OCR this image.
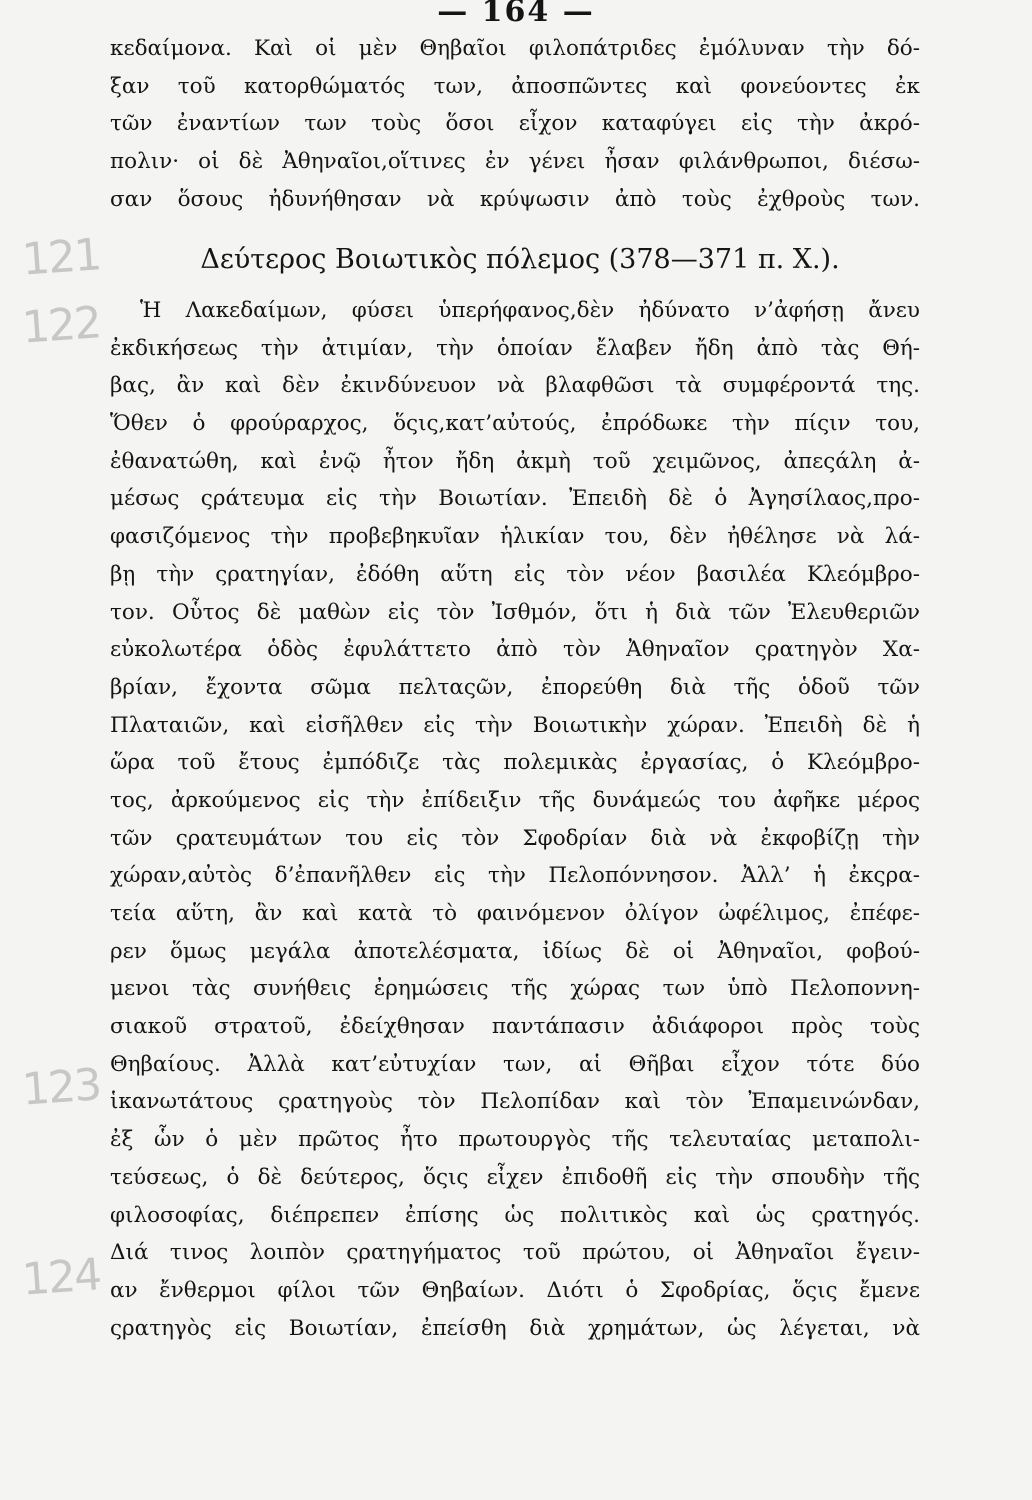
— 164 —
121
122
123
124
κεδαίμονα. Καὶ οἱ μὲν Θηβαῖοι φιλοπάτριδες ἐμόλυναν τὴν δό-
ξαν τοῦ κατορθώματός των, ἀποσπῶντες καὶ φονεύοντες ἐκ
τῶν ἐναντίων των τοὺς ὅσοι εἶχον καταφύγει εἰς τὴν ἀκρό-
πολιν· οἱ δὲ Ἀθηναῖοι,οἵτινες ἐν γένει ἦσαν φιλάνθρωποι, διέσω-
σαν ὅσους ἠδυνήθησαν νὰ κρύψωσιν ἀπὸ τοὺς ἐχθροὺς των.
Δεύτερος Βοιωτικὸς πόλεμος (378—371 π. Χ.).
Ἡ Λακεδαίμων, φύσει ὑπερήφανος,δὲν ἠδύνατο ν’ἀφήσῃ ἄνευ
ἐκδικήσεως τὴν ἀτιμίαν, τὴν ὁποίαν ἔλαβεν ἤδη ἀπὸ τὰς Θή-
βας, ἂν καὶ δὲν ἐκινδύνευον νὰ βλαφθῶσι τὰ συμφέροντά της.
Ὅθεν ὁ φρούραρχος, ὅςις,κατ’αὐτούς, ἐπρόδωκε τὴν πίςιν του,
ἐθανατώθη, καὶ ἐνῷ ἦτον ἤδη ἀκμὴ τοῦ χειμῶνος, ἀπεςάλη ἀ-
μέσως ςράτευμα εἰς τὴν Βοιωτίαν. Ἐπειδὴ δὲ ὁ Ἀγησίλαος,προ-
φασιζόμενος τὴν προβεβηκυῖαν ἡλικίαν του, δὲν ἠθέλησε νὰ λά-
βῃ τὴν ςρατηγίαν, ἐδόθη αὕτη εἰς τὸν νέον βασιλέα Κλεόμβρο-
τον. Οὗτος δὲ μαθὼν εἰς τὸν Ἰσθμόν, ὅτι ἡ διὰ τῶν Ἐλευθεριῶν
εὐκολωτέρα ὁδὸς ἐφυλάττετο ἀπὸ τὸν Ἀθηναῖον ςρατηγὸν Χα-
βρίαν, ἔχοντα σῶμα πελταςῶν, ἐπορεύθη διὰ τῆς ὁδοῦ τῶν
Πλαταιῶν, καὶ εἰσῆλθεν εἰς τὴν Βοιωτικὴν χώραν. Ἐπειδὴ δὲ ἡ
ὥρα τοῦ ἔτους ἐμπόδιζε τὰς πολεμικὰς ἐργασίας, ὁ Κλεόμβρο-
τος, ἀρκούμενος εἰς τὴν ἐπίδειξιν τῆς δυνάμεώς του ἀφῆκε μέρος
τῶν ςρατευμάτων του εἰς τὸν Σφοδρίαν διὰ νὰ ἐκφοβίζῃ τὴν
χώραν,αὐτὸς δ’ἐπανῆλθεν εἰς τὴν Πελοπόννησον. Ἀλλ’ ἡ ἐκςρα-
τεία αὕτη, ἂν καὶ κατὰ τὸ φαινόμενον ὀλίγον ὠφέλιμος, ἐπέφε-
ρεν ὅμως μεγάλα ἀποτελέσματα, ἰδίως δὲ οἱ Ἀθηναῖοι, φοβού-
μενοι τὰς συνήθεις ἐρημώσεις τῆς χώρας των ὑπὸ Πελοποννη-
σιακοῦ στρατοῦ, ἐδείχθησαν παντάπασιν ἀδιάφοροι πρὸς τοὺς
Θηβαίους. Ἀλλὰ κατ’εὐτυχίαν των, αἱ Θῆβαι εἶχον τότε δύο
ἱκανωτάτους ςρατηγοὺς τὸν Πελοπίδαν καὶ τὸν Ἐπαμεινώνδαν,
ἐξ ὧν ὁ μὲν πρῶτος ἦτο πρωτουργὸς τῆς τελευταίας μεταπολι-
τεύσεως, ὁ δὲ δεύτερος, ὅςις εἶχεν ἐπιδοθῆ εἰς τὴν σπουδὴν τῆς
φιλοσοφίας, διέπρεπεν ἐπίσης ὡς πολιτικὸς καὶ ὡς ςρατηγός.
Διά τινος λοιπὸν ςρατηγήματος τοῦ πρώτου, οἱ Ἀθηναῖοι ἔγειν-
αν ἔνθερμοι φίλοι τῶν Θηβαίων. Διότι ὁ Σφοδρίας, ὅςις ἔμενε
ςρατηγὸς εἰς Βοιωτίαν, ἐπείσθη διὰ χρημάτων, ὡς λέγεται, νὰ
